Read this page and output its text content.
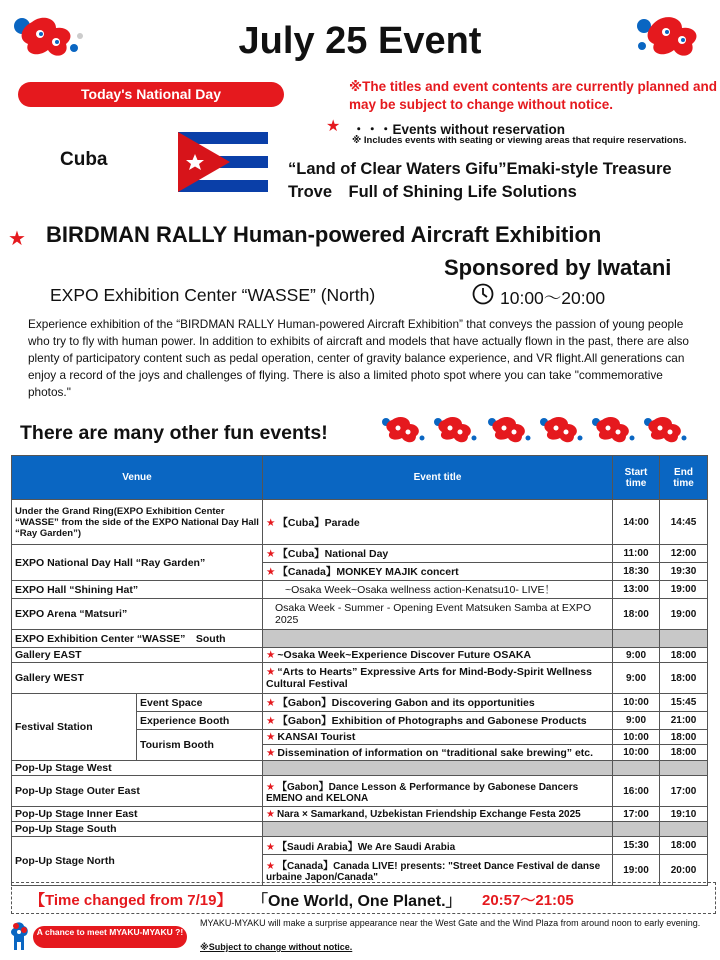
July 25 Event
Today's National Day	※The titles and event contents are currently planned and may be subject to change without notice.
★ ・・・Events without reservation
※ Includes events with seating or viewing areas that require reservations.
Cuba	“Land of Clear Waters Gifu”Emaki-style Treasure Trove　Full of Shining Life Solutions
★ BIRDMAN RALLY Human-powered Aircraft Exhibition
Sponsored by Iwatani
EXPO Exhibition Center “WASSE” (North)	10:00～20:00
Experience exhibition of the “BIRDMAN RALLY Human-powered Aircraft Exhibition” that conveys the passion of young people who try to fly with human power. In addition to exhibits of aircraft and models that have actually flown in the past, there are also plenty of participatory content such as pedal operation, center of gravity balance experience, and VR flight.All generations can enjoy a record of the joys and challenges of flying. There is also a limited photo spot where you can take "commemorative photos."
There are many other fun events!
Venue		Event title	Start time	End time
Under the Grand Ring(EXPO Exhibition Center “WASSE” from the side of the EXPO National Day Hall “Ray Garden”)		★ 【Cuba】Parade	14:00	14:45
EXPO National Day Hall “Ray Garden”		★ 【Cuba】National Day	11:00	12:00
		★ 【Canada】MONKEY MAJIK concert	18:30	19:30
EXPO Hall “Shining Hat”		~Osaka Week~Osaka wellness action-Kenatsu10- LIVE！	13:00	19:00
EXPO Arena “Matsuri”		Osaka Week - Summer - Opening Event Matsuken Samba at EXPO 2025	18:00	19:00
EXPO Exhibition Center “WASSE”　South				
Gallery EAST		★ ~Osaka Week~Experience Discover Future OSAKA	9:00	18:00
Gallery WEST		★ “Arts to Hearts” Expressive Arts for Mind-Body-Spirit Wellness Cultural Festival	9:00	18:00
Festival Station	Event Space	★ 【Gabon】Discovering Gabon and its opportunities	10:00	15:45
	Experience Booth	★ 【Gabon】Exhibition of Photographs and Gabonese Products	9:00	21:00
	Tourism Booth	★ KANSAI Tourist	10:00	18:00
		★ Dissemination of information on “traditional sake brewing” etc.	10:00	18:00
Pop-Up Stage West				
Pop-Up Stage Outer East		★ 【Gabon】Dance Lesson & Performance by Gabonese Dancers EMENO and KELONA	16:00	17:00
Pop-Up Stage Inner East		★ Nara × Samarkand, Uzbekistan Friendship Exchange Festa 2025	17:00	19:10
Pop-Up Stage South				
Pop-Up Stage North		★ 【Saudi Arabia】We Are Saudi Arabia	15:30	18:00
		★ 【Canada】Canada LIVE! presents: "Street Dance Festival de danse urbaine Japon/Canada"	19:00	20:00
【Time changed from 7/19】 「One World, One Planet.」 20:57～21:05
A chance to meet MYAKU-MYAKU ?!
MYAKU-MYAKU will make a surprise appearance near the West Gate and the Wind Plaza from around noon to early evening.
※Subject to change without notice.
